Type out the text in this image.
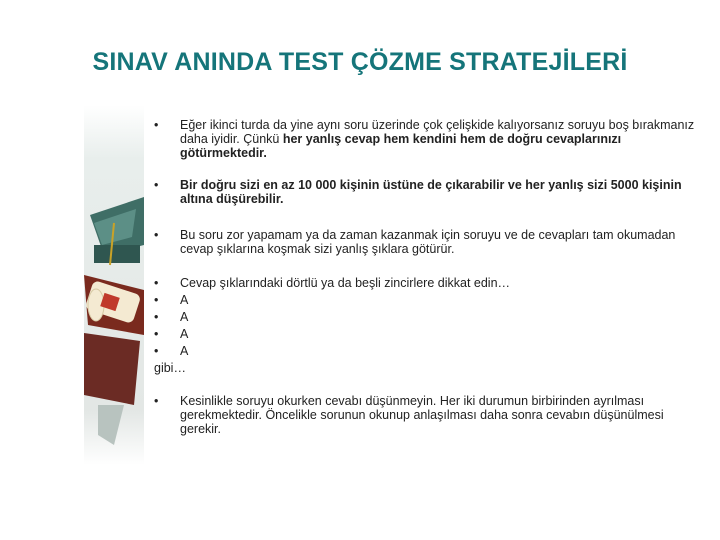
SINAV ANINDA TEST ÇÖZME STRATEJİLERİ
• Eğer ikinci turda da yine aynı soru üzerinde çok çelişkide kalıyorsanız soruyu boş bırakmanız daha iyidir. Çünkü her yanlış cevap hem kendini hem de doğru cevaplarınızı götürmektedir.
• Bir doğru sizi en az 10 000 kişinin üstüne de çıkarabilir ve her yanlış sizi 5000 kişinin altına düşürebilir.
• Bu soru zor yapamam ya da zaman kazanmak için soruyu ve de cevapları tam okumadan cevap şıklarına koşmak sizi yanlış şıklara götürür.
• Cevap şıklarındaki dörtlü ya da beşli zincirlere dikkat edin…
• A
• A
• A
• A
gibi…
• Kesinlikle soruyu okurken cevabı düşünmeyin. Her iki durumun birbirinden ayrılması gerekmektedir. Öncelikle sorunun okunup anlaşılması daha sonra cevabın düşünülmesi gerekir.
